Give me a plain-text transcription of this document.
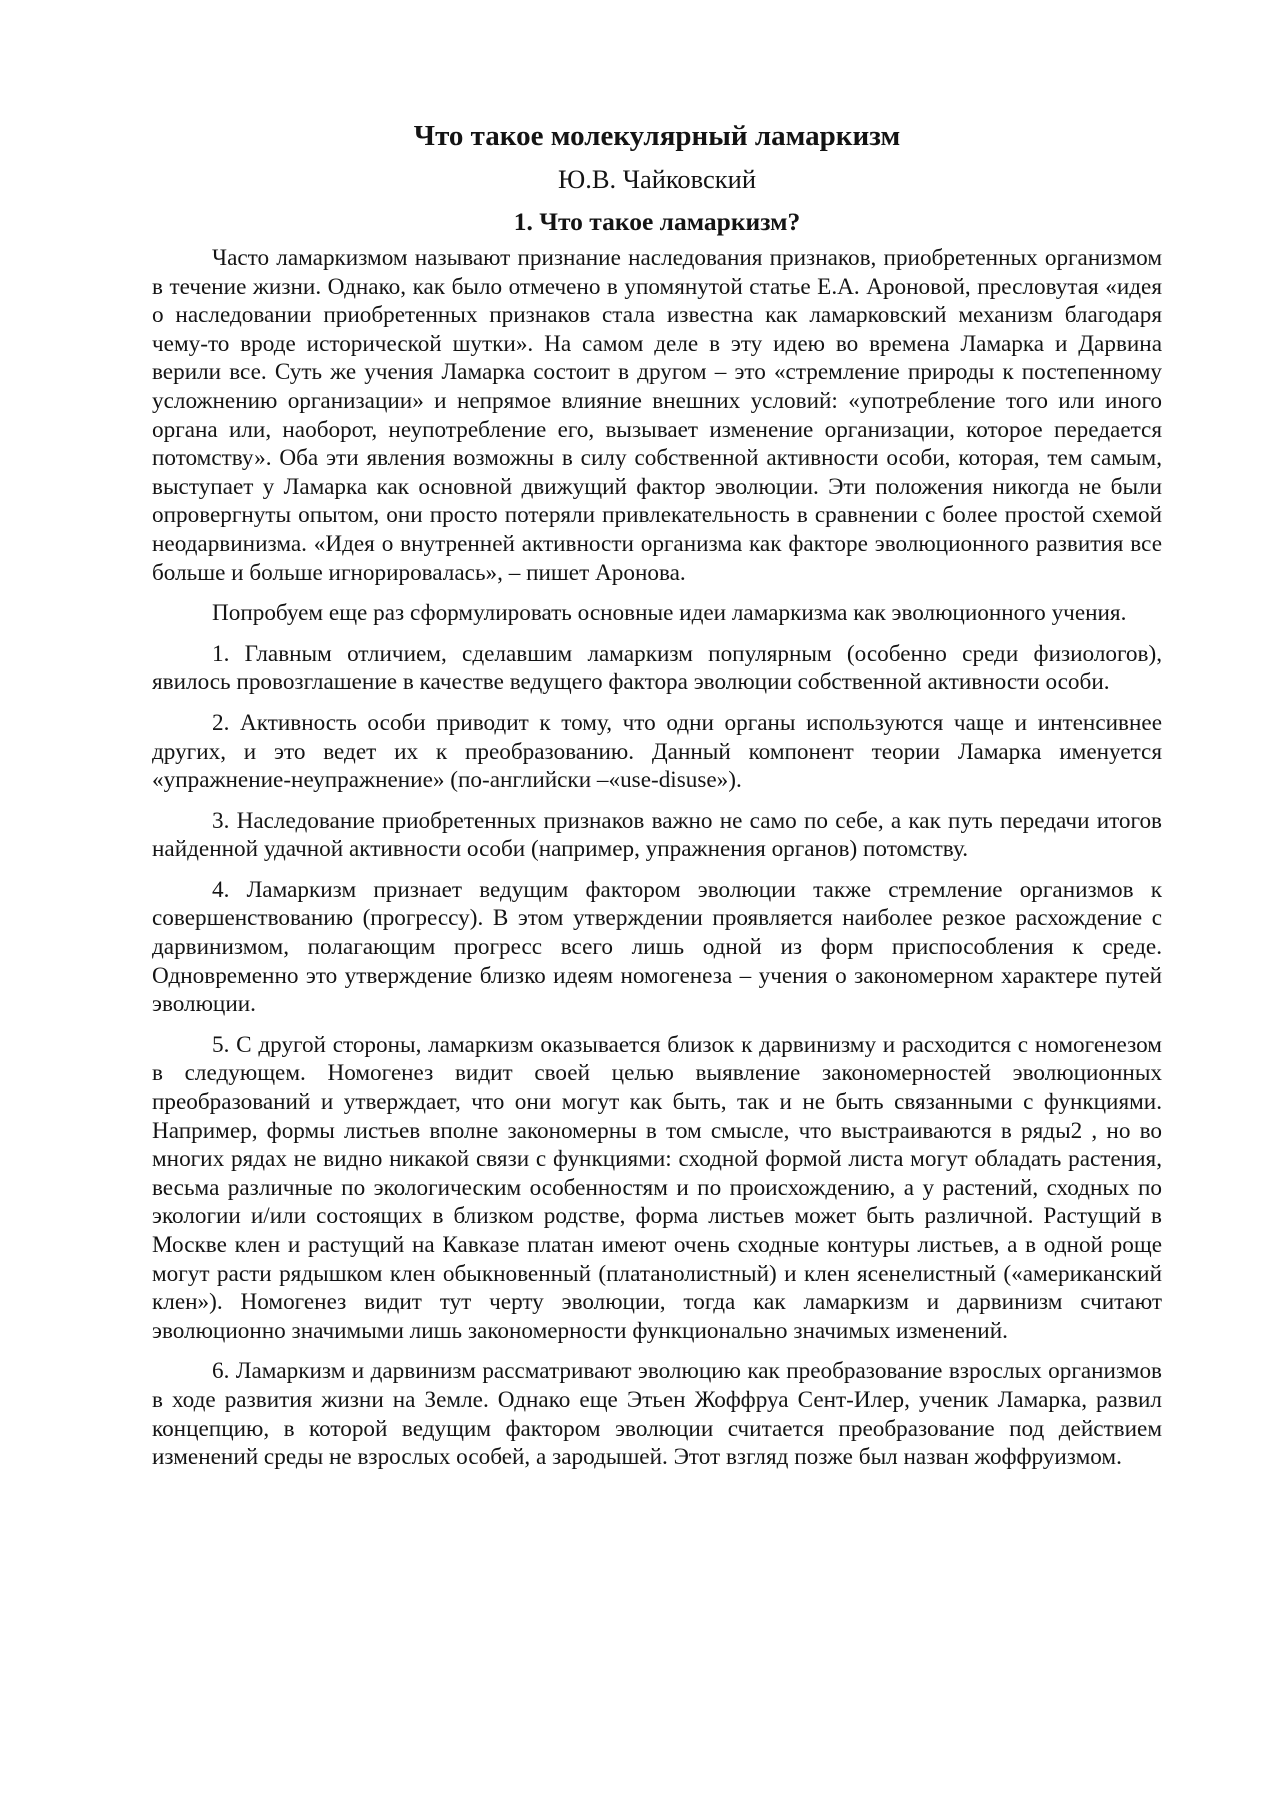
Что такое молекулярный ламаркизм
Ю.В. Чайковский
1. Что такое ламаркизм?

Часто ламаркизмом называют признание наследования признаков, приобретенных организмом в течение жизни. Однако, как было отмечено в упомянутой статье Е.А. Ароновой, пресловутая «идея о наследовании приобретенных признаков стала известна как ламарковский механизм благодаря чему-то вроде исторической шутки». На самом деле в эту идею во времена Ламарка и Дарвина верили все. Суть же учения Ламарка состоит в другом – это «стремление природы к постепенному усложнению организации» и непрямое влияние внешних условий: «употребление того или иного органа или, наоборот, неупотребление его, вызывает изменение организации, которое передается потомству». Оба эти явления возможны в силу собственной активности особи, которая, тем самым, выступает у Ламарка как основной движущий фактор эволюции. Эти положения никогда не были опровергнуты опытом, они просто потеряли привлекательность в сравнении с более простой схемой неодарвинизма. «Идея о внутренней активности организма как факторе эволюционного развития все больше и больше игнорировалась», – пишет Аронова.

Попробуем еще раз сформулировать основные идеи ламаркизма как эволюционного учения.

1. Главным отличием, сделавшим ламаркизм популярным (особенно среди физиологов), явилось провозглашение в качестве ведущего фактора эволюции собственной активности особи.

2. Активность особи приводит к тому, что одни органы используются чаще и интенсивнее других, и это ведет их к преобразованию. Данный компонент теории Ламарка именуется «упражнение-неупражнение» (по-английски –«use-disuse»).

3. Наследование приобретенных признаков важно не само по себе, а как путь передачи итогов найденной удачной активности особи (например, упражнения органов) потомству.

4. Ламаркизм признает ведущим фактором эволюции также стремление организмов к совершенствованию (прогрессу). В этом утверждении проявляется наиболее резкое расхождение с дарвинизмом, полагающим прогресс всего лишь одной из форм приспособления к среде. Одновременно это утверждение близко идеям номогенеза – учения о закономерном характере путей эволюции.

5. С другой стороны, ламаркизм оказывается близок к дарвинизму и расходится с номогенезом в следующем. Номогенез видит своей целью выявление закономерностей эволюционных преобразований и утверждает, что они могут как быть, так и не быть связанными с функциями. Например, формы листьев вполне закономерны в том смысле, что выстраиваются в ряды2 , но во многих рядах не видно никакой связи с функциями: сходной формой листа могут обладать растения, весьма различные по экологическим особенностям и по происхождению, а у растений, сходных по экологии и/или состоящих в близком родстве, форма листьев может быть различной. Растущий в Москве клен и растущий на Кавказе платан имеют очень сходные контуры листьев, а в одной роще могут расти рядышком клен обыкновенный (платанолистный) и клен ясенелистный («американский клен»). Номогенез видит тут черту эволюции, тогда как ламаркизм и дарвинизм считают эволюционно значимыми лишь закономерности функционально значимых изменений.

6. Ламаркизм и дарвинизм рассматривают эволюцию как преобразование взрослых организмов в ходе развития жизни на Земле. Однако еще Этьен Жоффруа Сент-Илер, ученик Ламарка, развил концепцию, в которой ведущим фактором эволюции считается преобразование под действием изменений среды не взрослых особей, а зародышей. Этот взгляд позже был назван жоффруизмом.
